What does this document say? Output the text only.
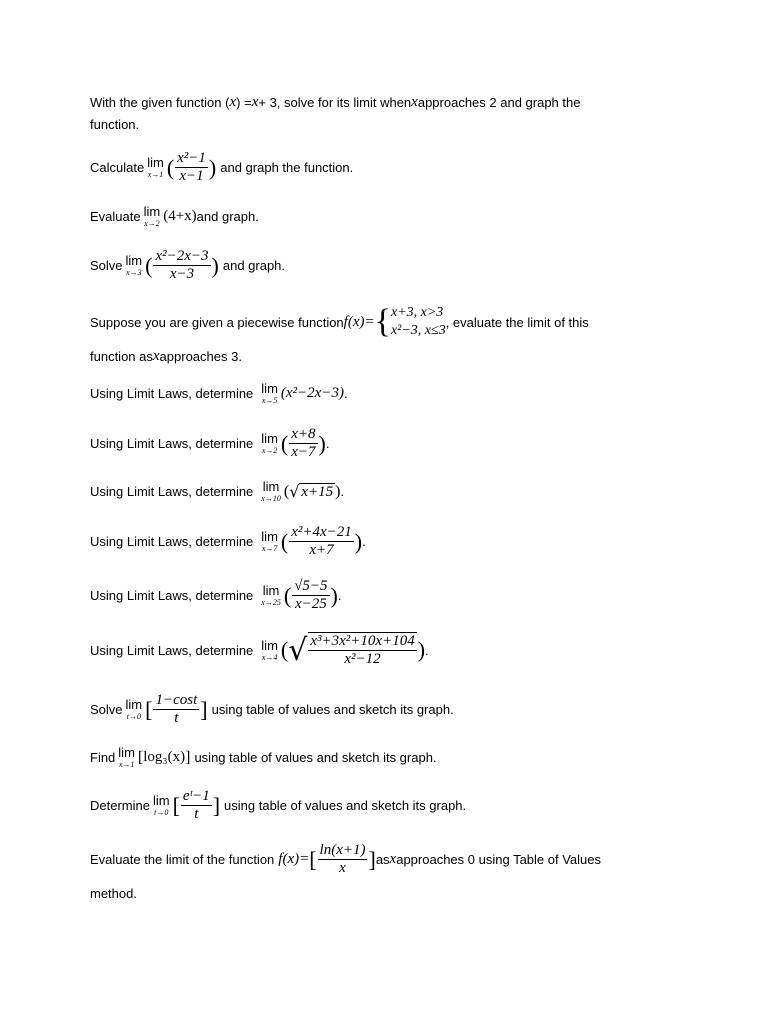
With the given function ( x ) = x + 3, solve for its limit when x approaches 2 and graph the
function.
Calculate lim
x→1 ( $\frac{\text{x²−1}}{x-1}$ ) and graph the function.
Evaluate lim
x→2 (4+x) and graph.
Solve lim
x→3 ( $\frac{\text{x²−2x−3}}{x-3}$ ) and graph.
Suppose you are given a piecewise function f(x)= { x+3, x>3
x²−3, x≤3
, evaluate the limit of this
function as x approaches 3.
Using Limit Laws, determine lim
x→5 (x²−2x−3) .
Using Limit Laws, determine lim
x→2 ( $\frac{x+8}{x-7}$ ) .
Using Limit Laws, determine lim
x→10 ( √ x+15 ) .
Using Limit Laws, determine lim
x→7 ( $\frac{\text{x²+4x−21}}{x+7}$ ) .
Using Limit Laws, determine lim
x→25 ( $\frac{√5-5}{x-25}$ ) .
Using Limit Laws, determine lim
x→4 ( √ $\frac{\text{x³+3x²+10x+104}}{\text{x²−12}}$ ) .
Solve lim
t→0 [ $\frac{1-\cos t}{t}$ ] using table of values and sketch its graph.
Find lim
x→1 [ log₃(x) ] using table of values and sketch its graph.
Determine lim
t→0 [ $\frac{\text{eᵗ−1}}{t}$ ] using table of values and sketch its graph.
Evaluate the limit of the function f(x)= [ $\frac{\ln(x+1)}{x}$ ] as x approaches 0 using Table of Values
method.
